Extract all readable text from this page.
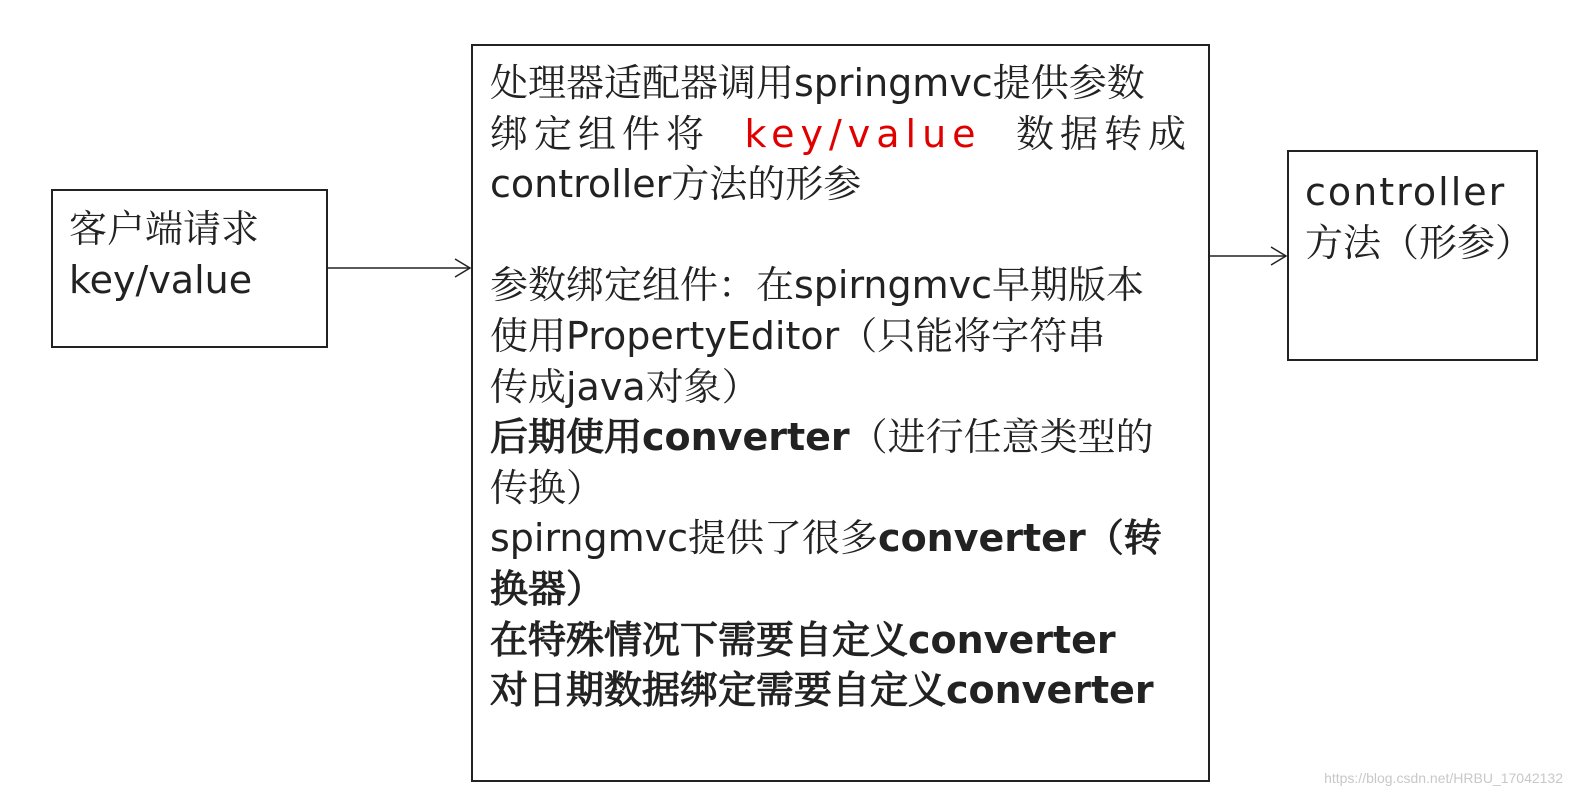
客户端请求
key/value
处理器适配器调用springmvc提供参数
绑定组件将 key/value 数据转成
controller方法的形参
参数绑定组件：在spirngmvc早期版本
使用PropertyEditor（只能将字符串
传成java对象）
后期使用converter（进行任意类型的
传换）
spirngmvc提供了很多converter（转
换器）
在特殊情况下需要自定义converter
对日期数据绑定需要自定义converter
controller
方法（形参）
https://blog.csdn.net/HRBU_17042132
